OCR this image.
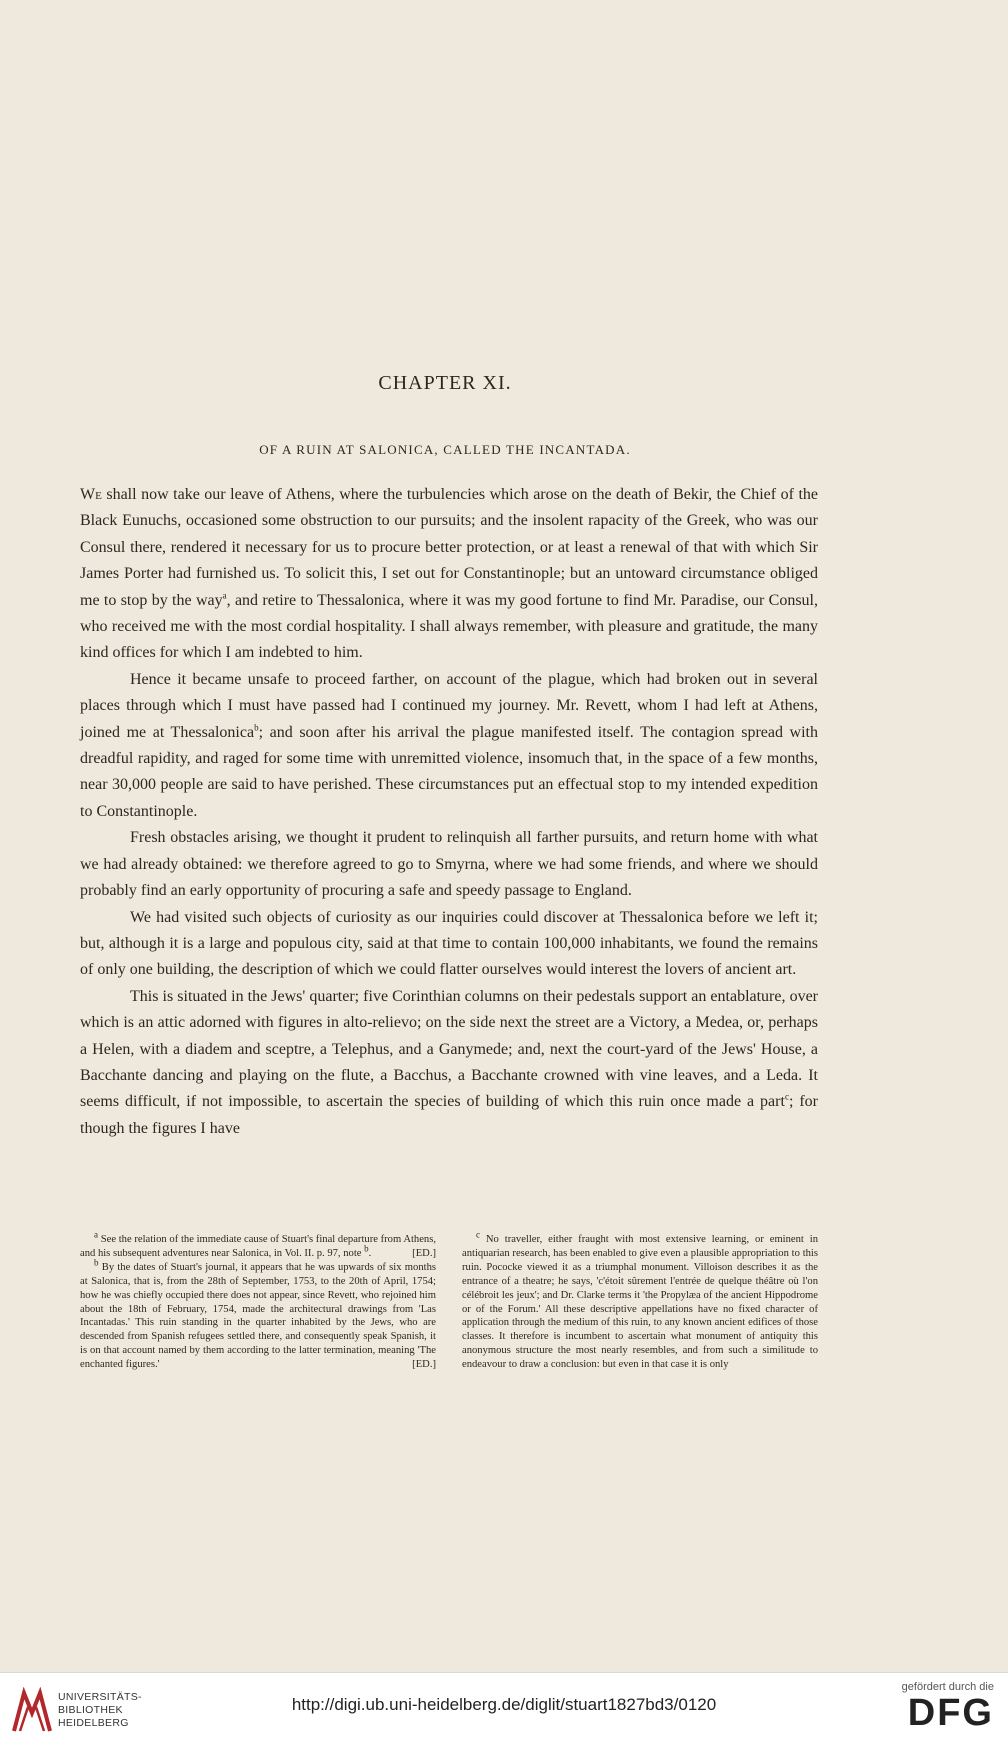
CHAPTER XI.
OF A RUIN AT SALONICA, CALLED THE INCANTADA.

We shall now take our leave of Athens, where the turbulencies which arose on the death of Bekir, the Chief of the Black Eunuchs, occasioned some obstruction to our pursuits; and the insolent rapacity of the Greek, who was our Consul there, rendered it necessary for us to procure better protection, or at least a renewal of that with which Sir James Porter had furnished us. To solicit this, I set out for Constantinople; but an untoward circumstance obliged me to stop by the way$^a$, and retire to Thessalonica, where it was my good fortune to find Mr. Paradise, our Consul, who received me with the most cordial hospitality. I shall always remember, with pleasure and gratitude, the many kind offices for which I am indebted to him.

Hence it became unsafe to proceed farther, on account of the plague, which had broken out in several places through which I must have passed had I continued my journey. Mr. Revett, whom I had left at Athens, joined me at Thessalonica$^b$; and soon after his arrival the plague manifested itself. The contagion spread with dreadful rapidity, and raged for some time with unremitted violence, insomuch that, in the space of a few months, near 30,000 people are said to have perished. These circumstances put an effectual stop to my intended expedition to Constantinople.

Fresh obstacles arising, we thought it prudent to relinquish all farther pursuits, and return home with what we had already obtained: we therefore agreed to go to Smyrna, where we had some friends, and where we should probably find an early opportunity of procuring a safe and speedy passage to England.

We had visited such objects of curiosity as our inquiries could discover at Thessalonica before we left it; but, although it is a large and populous city, said at that time to contain 100,000 inhabitants, we found the remains of only one building, the description of which we could flatter ourselves would interest the lovers of ancient art.

This is situated in the Jews' quarter; five Corinthian columns on their pedestals support an entablature, over which is an attic adorned with figures in alto-relievo; on the side next the street are a Victory, a Medea, or, perhaps a Helen, with a diadem and sceptre, a Telephus, and a Ganymede; and, next the court-yard of the Jews' House, a Bacchante dancing and playing on the flute, a Bacchus, a Bacchante crowned with vine leaves, and a Leda. It seems difficult, if not impossible, to ascertain the species of building of which this ruin once made a part$^c$; for though the figures I have

$^a$ See the relation of the immediate cause of Stuart's final departure from Athens, and his subsequent adventures near Salonica, in Vol. II. p. 97, note $^b$.	[ED.]

$^b$ By the dates of Stuart's journal, it appears that he was upwards of six months at Salonica, that is, from the 28th of September, 1753, to the 20th of April, 1754; how he was chiefly occupied there does not appear, since Revett, who rejoined him about the 18th of February, 1754, made the architectural drawings from 'Las Incantadas.' This ruin standing in the quarter inhabited by the Jews, who are descended from Spanish refugees settled there, and consequently speak Spanish, it is on that account named by them according to the latter termination, meaning 'The enchanted figures.'	[ED.]

$^c$ No traveller, either fraught with most extensive learning, or eminent in antiquarian research, has been enabled to give even a plausible appropriation to this ruin. Pococke viewed it as a triumphal monument. Villoison describes it as the entrance of a theatre; he says, 'c'étoit sûrement l'entrée de quelque théâtre où l'on célébroit les jeux'; and Dr. Clarke terms it 'the Propylæa of the ancient Hippodrome or of the Forum.' All these descriptive appellations have no fixed character of application through the medium of this ruin, to any known ancient edifices of those classes. It therefore is incumbent to ascertain what monument of antiquity this anonymous structure the most nearly resembles, and from such a similitude to endeavour to draw a conclusion: but even in that case it is only

UNIVERSITÄTS-
BIBLIOTHEK
HEIDELBERG
http://digi.ub.uni-heidelberg.de/diglit/stuart1827bd3/0120
gefördert durch die
DFG
